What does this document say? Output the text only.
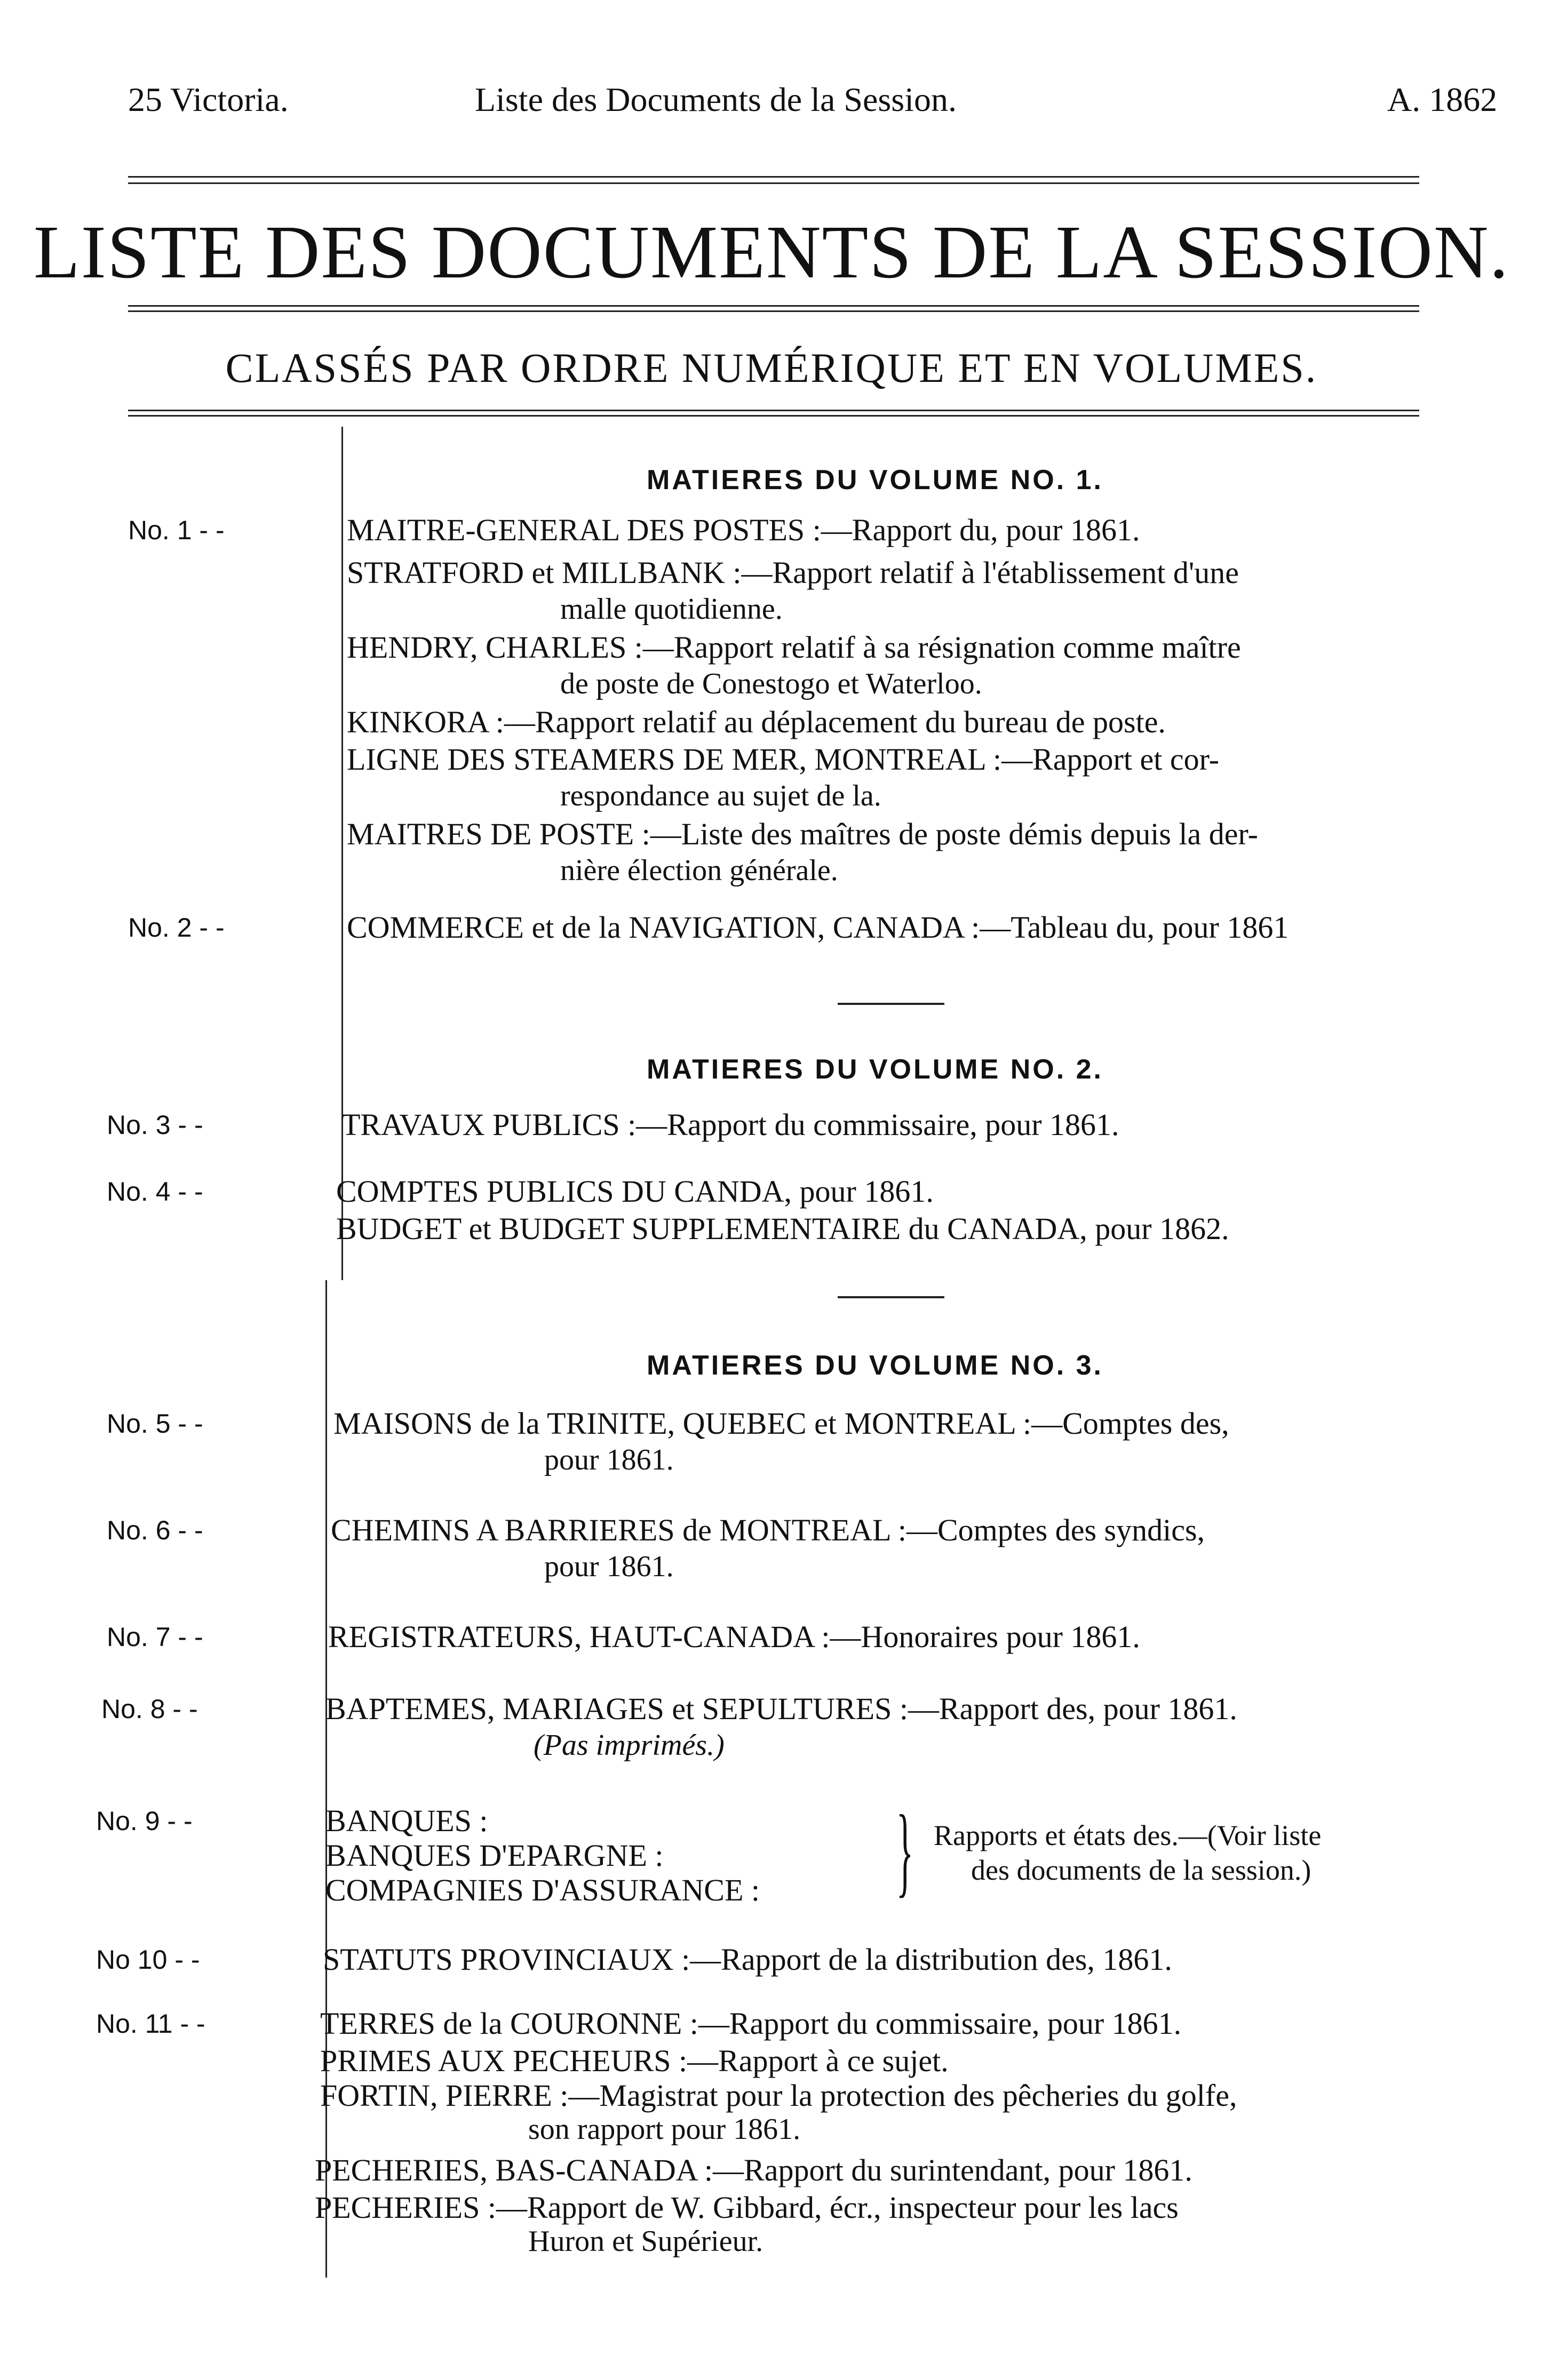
25 Victoria.	Liste des Documents de la Session.	A. 1862
LISTE DES DOCUMENTS DE LA SESSION.
CLASSÉS PAR ORDRE NUMÉRIQUE ET EN VOLUMES.
MATIERES DU VOLUME NO. 1.
No. 1 - -	MAITRE-GENERAL DES POSTES :—Rapport du, pour 1861.
STRATFORD et MILLBANK :—Rapport relatif à l'établissement d'une
malle quotidienne.
HENDRY, CHARLES :—Rapport relatif à sa résignation comme maître
de poste de Conestogo et Waterloo.
KINKORA :—Rapport relatif au déplacement du bureau de poste.
LIGNE DES STEAMERS DE MER, MONTREAL :—Rapport et cor-
respondance au sujet de la.
MAITRES DE POSTE :—Liste des maîtres de poste démis depuis la der-
nière élection générale.
No. 2 - -	COMMERCE et de la NAVIGATION, CANADA :—Tableau du, pour 1861
MATIERES DU VOLUME NO. 2.
No. 3 - -	TRAVAUX PUBLICS :—Rapport du commissaire, pour 1861.
No. 4 - -	COMPTES PUBLICS DU CANDA, pour 1861.
BUDGET et BUDGET SUPPLEMENTAIRE du CANADA, pour 1862.
MATIERES DU VOLUME NO. 3.
No. 5 - -	MAISONS de la TRINITE, QUEBEC et MONTREAL :—Comptes des,
pour 1861.
No. 6 - -	CHEMINS A BARRIERES de MONTREAL :—Comptes des syndics,
pour 1861.
No. 7 - -	REGISTRATEURS, HAUT-CANADA :—Honoraires pour 1861.
No. 8 - -	BAPTEMES, MARIAGES et SEPULTURES :—Rapport des, pour 1861.
(Pas imprimés.)
No. 9 - -	BANQUES :
BANQUES D'EPARGNE :
COMPAGNIES D'ASSURANCE : } Rapports et états des.—(Voir liste
des documents de la session.)
No 10 - -	STATUTS PROVINCIAUX :—Rapport de la distribution des, 1861.
No. 11 - -	TERRES de la COURONNE :—Rapport du commissaire, pour 1861.
PRIMES AUX PECHEURS :—Rapport à ce sujet.
FORTIN, PIERRE :—Magistrat pour la protection des pêcheries du golfe,
son rapport pour 1861.
PECHERIES, BAS-CANADA :—Rapport du surintendant, pour 1861.
PECHERIES :—Rapport de W. Gibbard, écr., inspecteur pour les lacs
Huron et Supérieur.
